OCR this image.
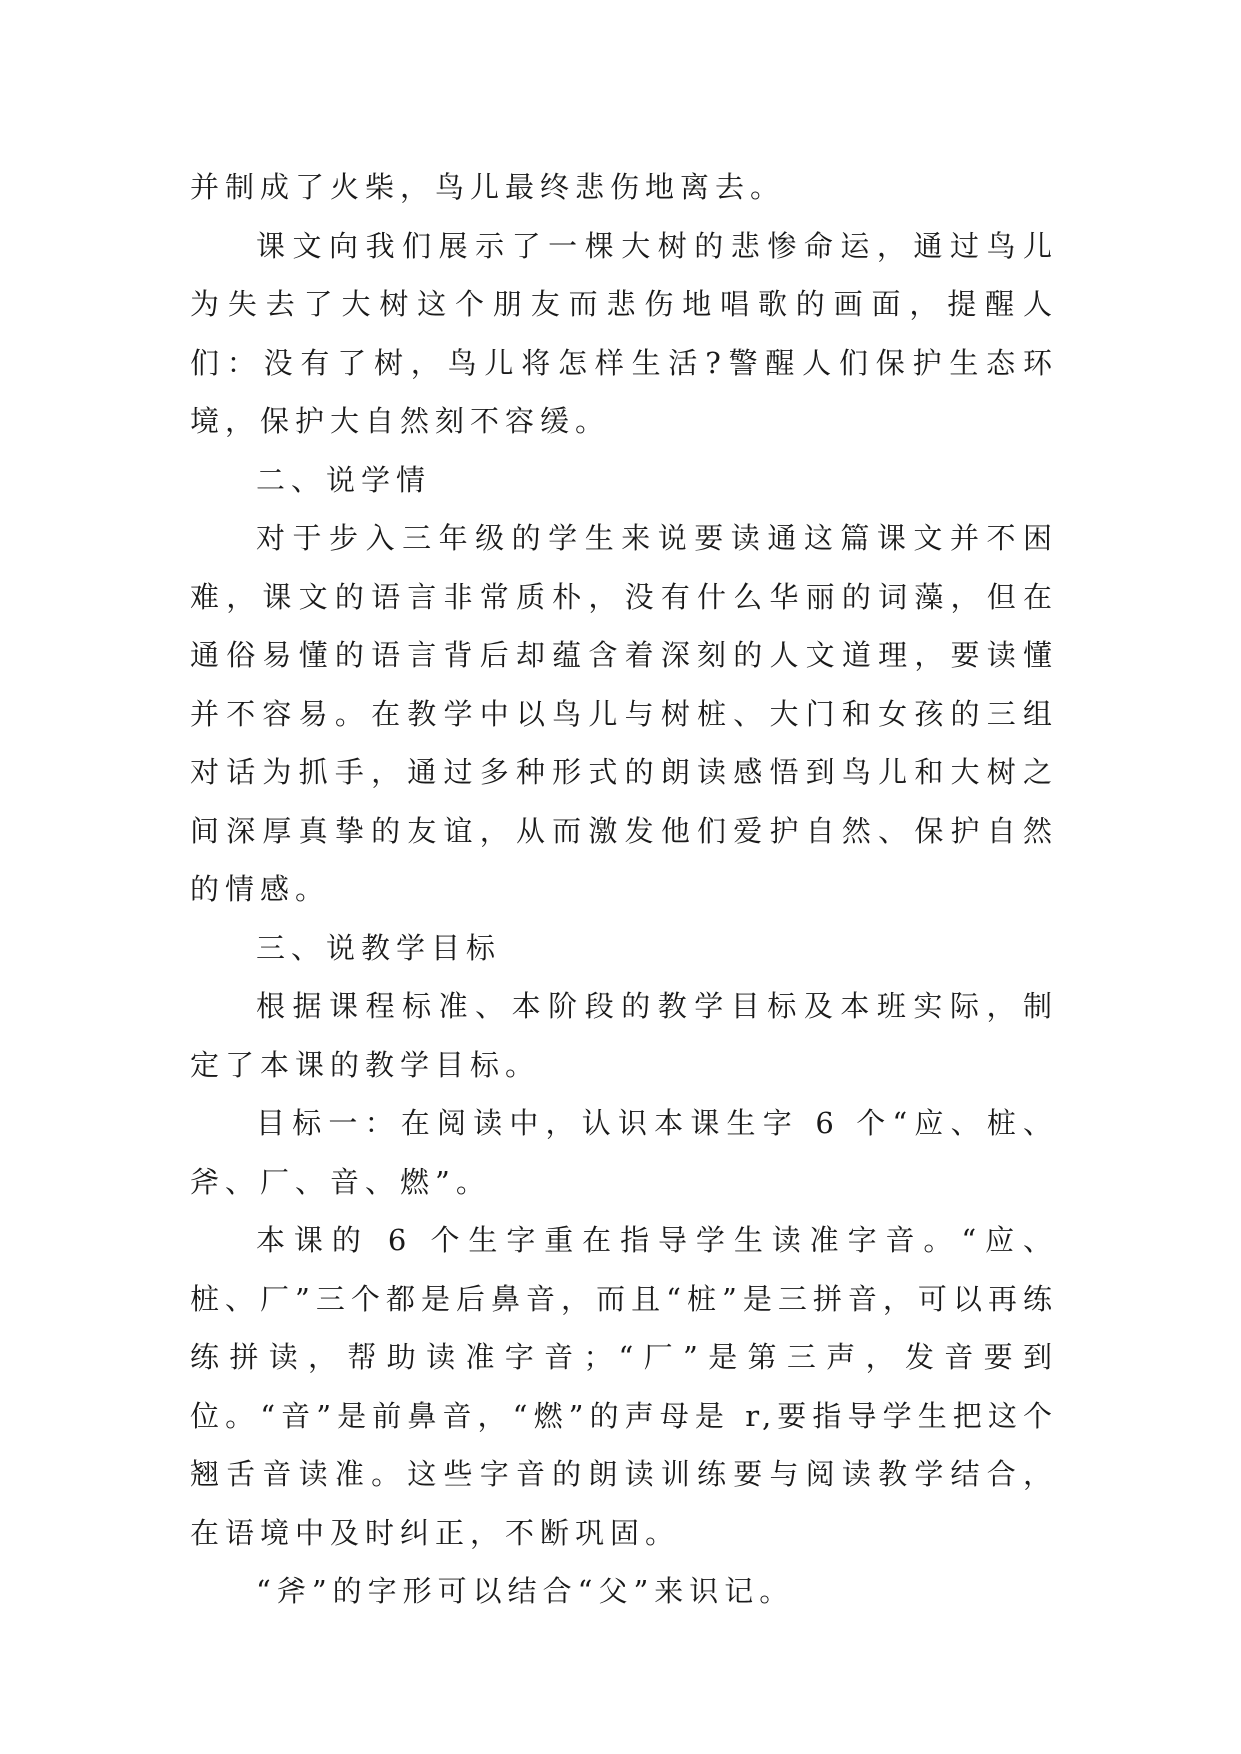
并制成了火柴，鸟儿最终悲伤地离去。

课文向我们展示了一棵大树的悲惨命运，通过鸟儿为失去了大树这个朋友而悲伤地唱歌的画面，提醒人们：没有了树，鸟儿将怎样生活?警醒人们保护生态环境，保护大自然刻不容缓。

二、说学情

对于步入三年级的学生来说要读通这篇课文并不困难，课文的语言非常质朴，没有什么华丽的词藻，但在通俗易懂的语言背后却蕴含着深刻的人文道理，要读懂并不容易。在教学中以鸟儿与树桩、大门和女孩的三组对话为抓手，通过多种形式的朗读感悟到鸟儿和大树之间深厚真挚的友谊，从而激发他们爱护自然、保护自然的情感。

三、说教学目标

根据课程标准、本阶段的教学目标及本班实际，制定了本课的教学目标。

目标一：在阅读中，认识本课生字 6 个“应、桩、斧、厂、音、燃”。

本课的 6 个生字重在指导学生读准字音。“应、桩、厂”三个都是后鼻音，而且“桩”是三拼音，可以再练练拼读，帮助读准字音；“厂”是第三声，发音要到位。“音”是前鼻音，“燃”的声母是 r,要指导学生把这个翘舌音读准。这些字音的朗读训练要与阅读教学结合，在语境中及时纠正，不断巩固。

“斧”的字形可以结合“父”来识记。
